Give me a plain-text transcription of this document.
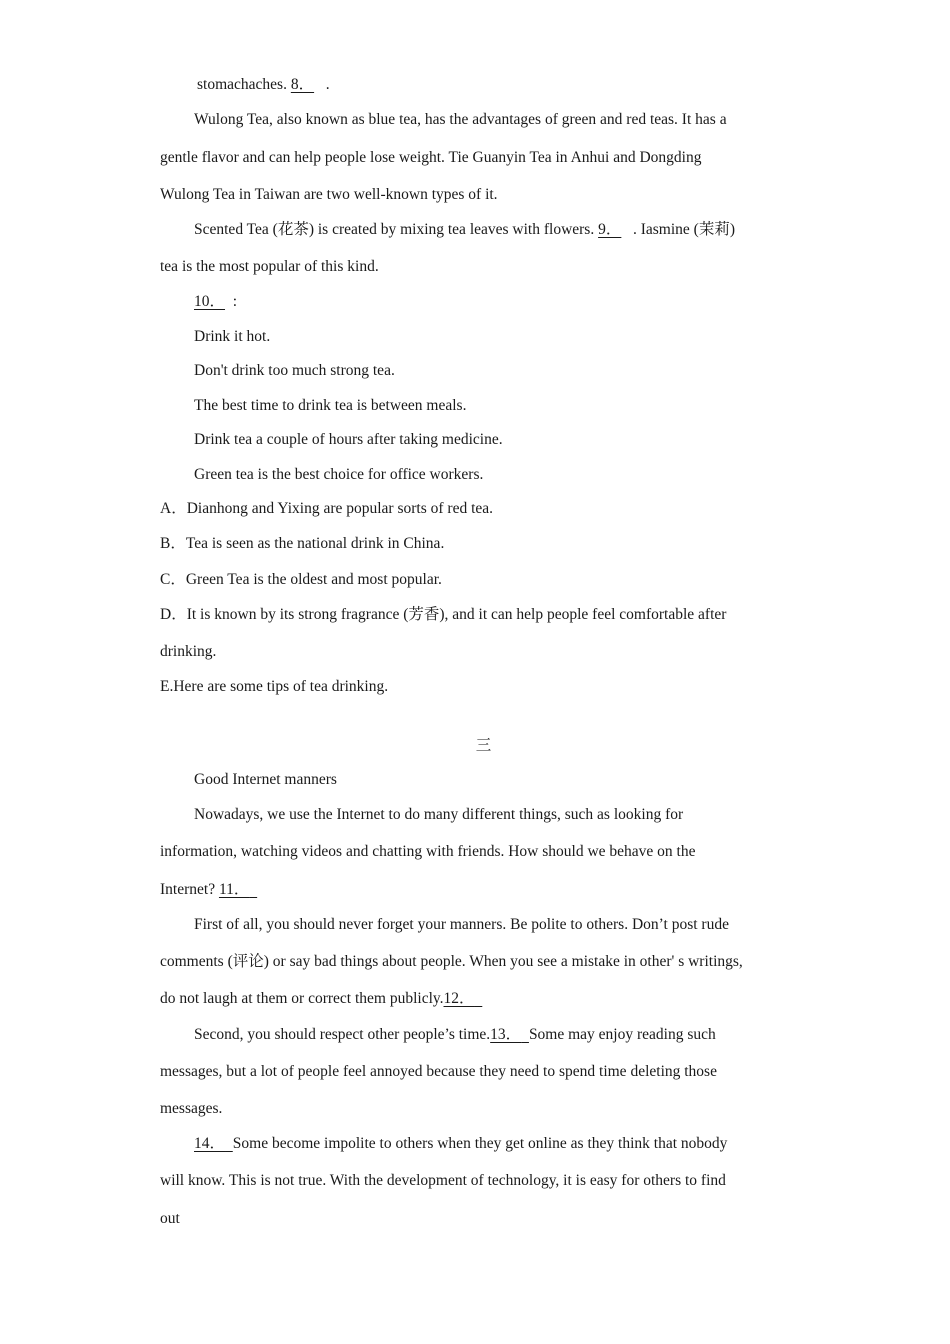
stomachaches. 8． .
Wulong Tea, also known as blue tea, has the advantages of green and red teas. It has a
gentle flavor and can help people lose weight. Tie Guanyin Tea in Anhui and Dongding
Wulong Tea in Taiwan are two well-known types of it.
Scented Tea (花茶) is created by mixing tea leaves with flowers. 9． . Iasmine (茉莉)
tea is the most popular of this kind.
10． :
Drink it hot.
Don't drink too much strong tea.
The best time to drink tea is between meals.
Drink tea a couple of hours after taking medicine.
Green tea is the best choice for office workers.
A．Dianhong and Yixing are popular sorts of red tea.
B．Tea is seen as the national drink in China.
C．Green Tea is the oldest and most popular.
D．It is known by its strong fragrance (芳香), and it can help people feel comfortable after
drinking.
E.Here are some tips of tea drinking.
三
Good Internet manners
Nowadays, we use the Internet to do many different things, such as looking for
information, watching videos and chatting with friends. How should we behave on the
Internet? 11．
First of all, you should never forget your manners. Be polite to others. Don’t post rude
comments (评论) or say bad things about people. When you see a mistake in other' s writings,
do not laugh at them or correct them publicly.12．
Second, you should respect other people’s time.13． Some may enjoy reading such
messages, but a lot of people feel annoyed because they need to spend time deleting those
messages.
14． Some become impolite to others when they get online as they think that nobody
will know. This is not true. With the development of technology, it is easy for others to find
out
